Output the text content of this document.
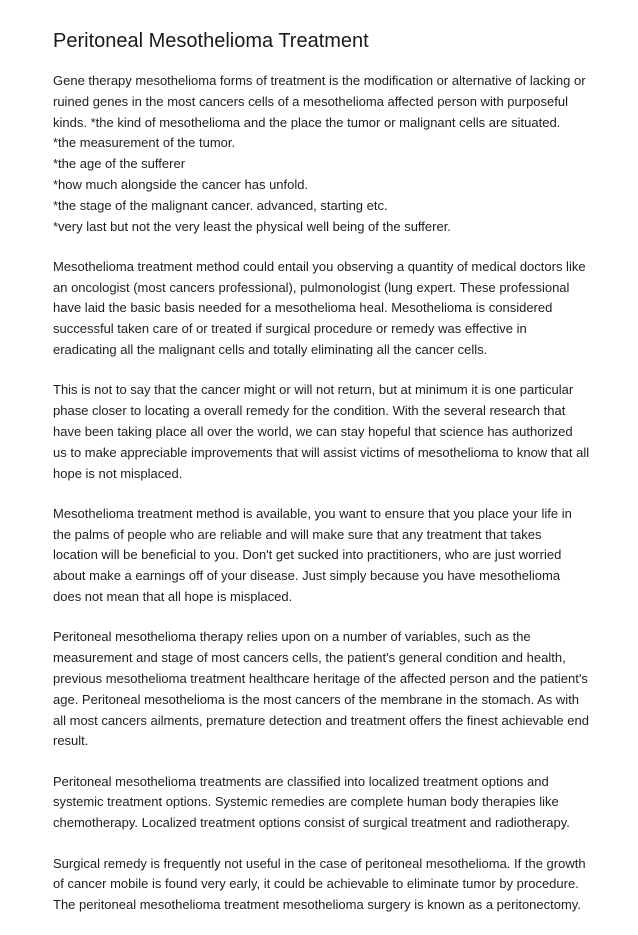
Peritoneal Mesothelioma Treatment

Gene therapy mesothelioma forms of treatment is the modification or alternative of lacking or
ruined genes in the most cancers cells of a mesothelioma affected person with purposeful
kinds. *the kind of mesothelioma and the place the tumor or malignant cells are situated.
*the measurement of the tumor.
*the age of the sufferer
*how much alongside the cancer has unfold.
*the stage of the malignant cancer. advanced, starting etc.
*very last but not the very least the physical well being of the sufferer.

Mesothelioma treatment method could entail you observing a quantity of medical doctors like
an oncologist (most cancers professional), pulmonologist (lung expert. These professional
have laid the basic basis needed for a mesothelioma heal. Mesothelioma is considered
successful taken care of or treated if surgical procedure or remedy was effective in
eradicating all the malignant cells and totally eliminating all the cancer cells.

This is not to say that the cancer might or will not return, but at minimum it is one particular
phase closer to locating a overall remedy for the condition. With the several research that
have been taking place all over the world, we can stay hopeful that science has authorized
us to make appreciable improvements that will assist victims of mesothelioma to know that all
hope is not misplaced.

Mesothelioma treatment method is available, you want to ensure that you place your life in
the palms of people who are reliable and will make sure that any treatment that takes
location will be beneficial to you. Don't get sucked into practitioners, who are just worried
about make a earnings off of your disease. Just simply because you have mesothelioma
does not mean that all hope is misplaced.

Peritoneal mesothelioma therapy relies upon on a number of variables, such as the
measurement and stage of most cancers cells, the patient's general condition and health,
previous mesothelioma treatment healthcare heritage of the affected person and the patient's
age. Peritoneal mesothelioma is the most cancers of the membrane in the stomach. As with
all most cancers ailments, premature detection and treatment offers the finest achievable end
result.

Peritoneal mesothelioma treatments are classified into localized treatment options and
systemic treatment options. Systemic remedies are complete human body therapies like
chemotherapy. Localized treatment options consist of surgical treatment and radiotherapy.

Surgical remedy is frequently not useful in the case of peritoneal mesothelioma. If the growth
of cancer mobile is found very early, it could be achievable to eliminate tumor by procedure.
The peritoneal mesothelioma treatment mesothelioma surgery is known as a peritonectomy.
